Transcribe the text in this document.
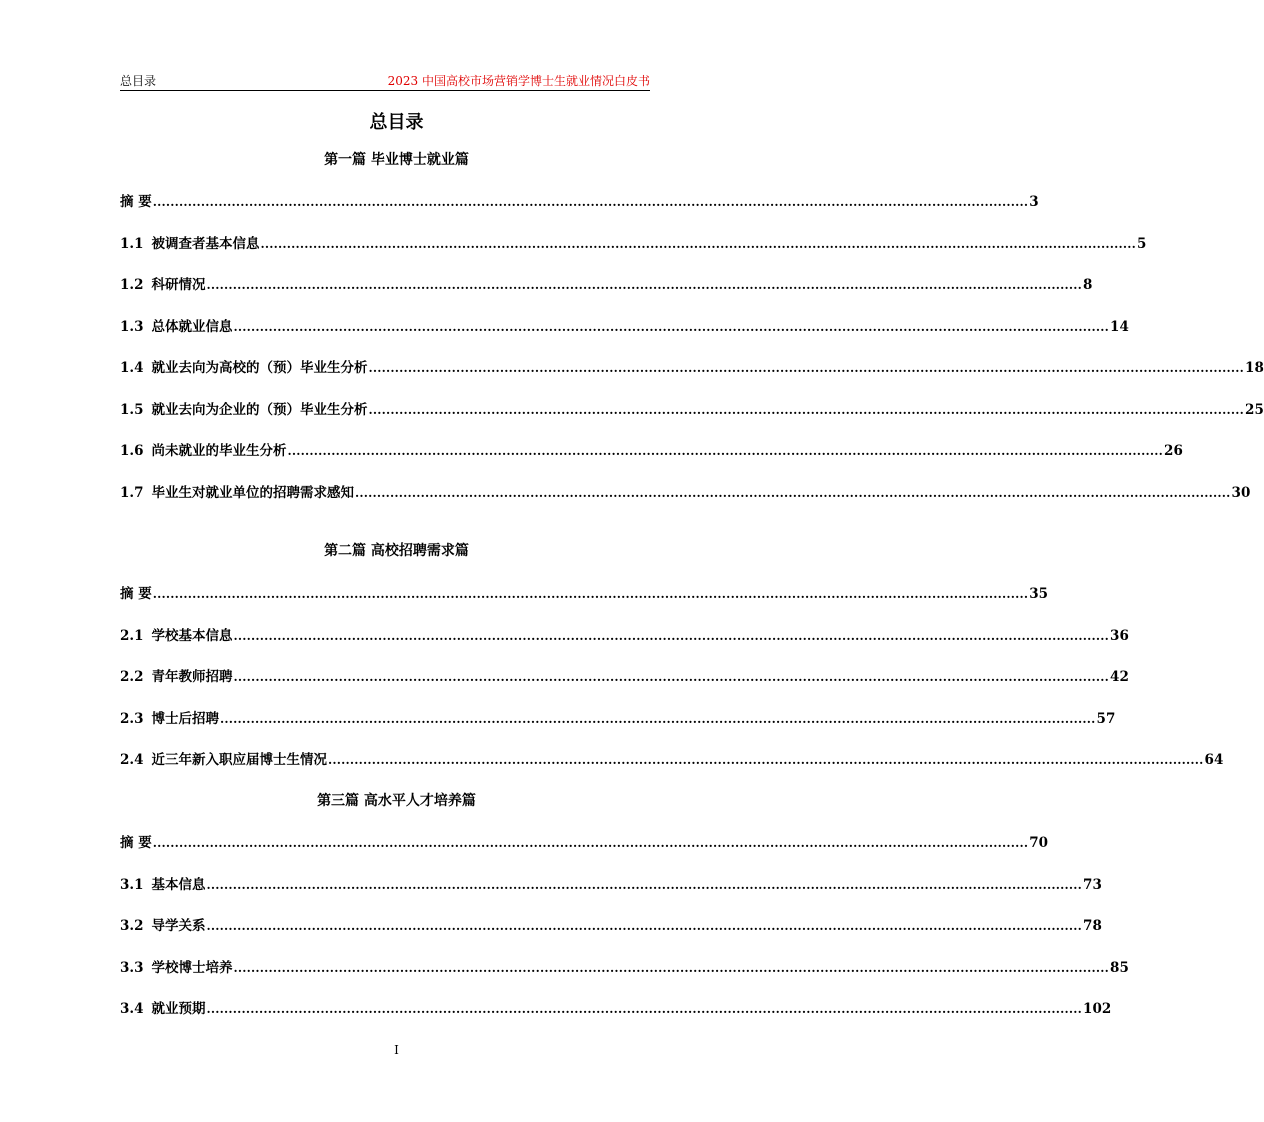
总目录	2023 中国高校市场营销学博士生就业情况白皮书
总目录
第一篇 毕业博士就业篇
摘 要 ........................................................................................................................................................................................................ 3
1.1 被调查者基本信息 ........................................................................................................................................................................................................ 5
1.2 科研情况 ........................................................................................................................................................................................................ 8
1.3 总体就业信息 ........................................................................................................................................................................................................ 14
1.4 就业去向为高校的（预）毕业生分析 ........................................................................................................................................................................................................ 18
1.5 就业去向为企业的（预）毕业生分析 ........................................................................................................................................................................................................ 25
1.6 尚未就业的毕业生分析 ........................................................................................................................................................................................................ 26
1.7 毕业生对就业单位的招聘需求感知 ........................................................................................................................................................................................................ 30
第二篇 高校招聘需求篇
摘 要 ........................................................................................................................................................................................................ 35
2.1 学校基本信息 ........................................................................................................................................................................................................ 36
2.2 青年教师招聘 ........................................................................................................................................................................................................ 42
2.3 博士后招聘 ........................................................................................................................................................................................................ 57
2.4 近三年新入职应届博士生情况 ........................................................................................................................................................................................................ 64
第三篇 高水平人才培养篇
摘 要 ........................................................................................................................................................................................................ 70
3.1 基本信息 ........................................................................................................................................................................................................ 73
3.2 导学关系 ........................................................................................................................................................................................................ 78
3.3 学校博士培养 ........................................................................................................................................................................................................ 85
3.4 就业预期 ........................................................................................................................................................................................................ 102
I
